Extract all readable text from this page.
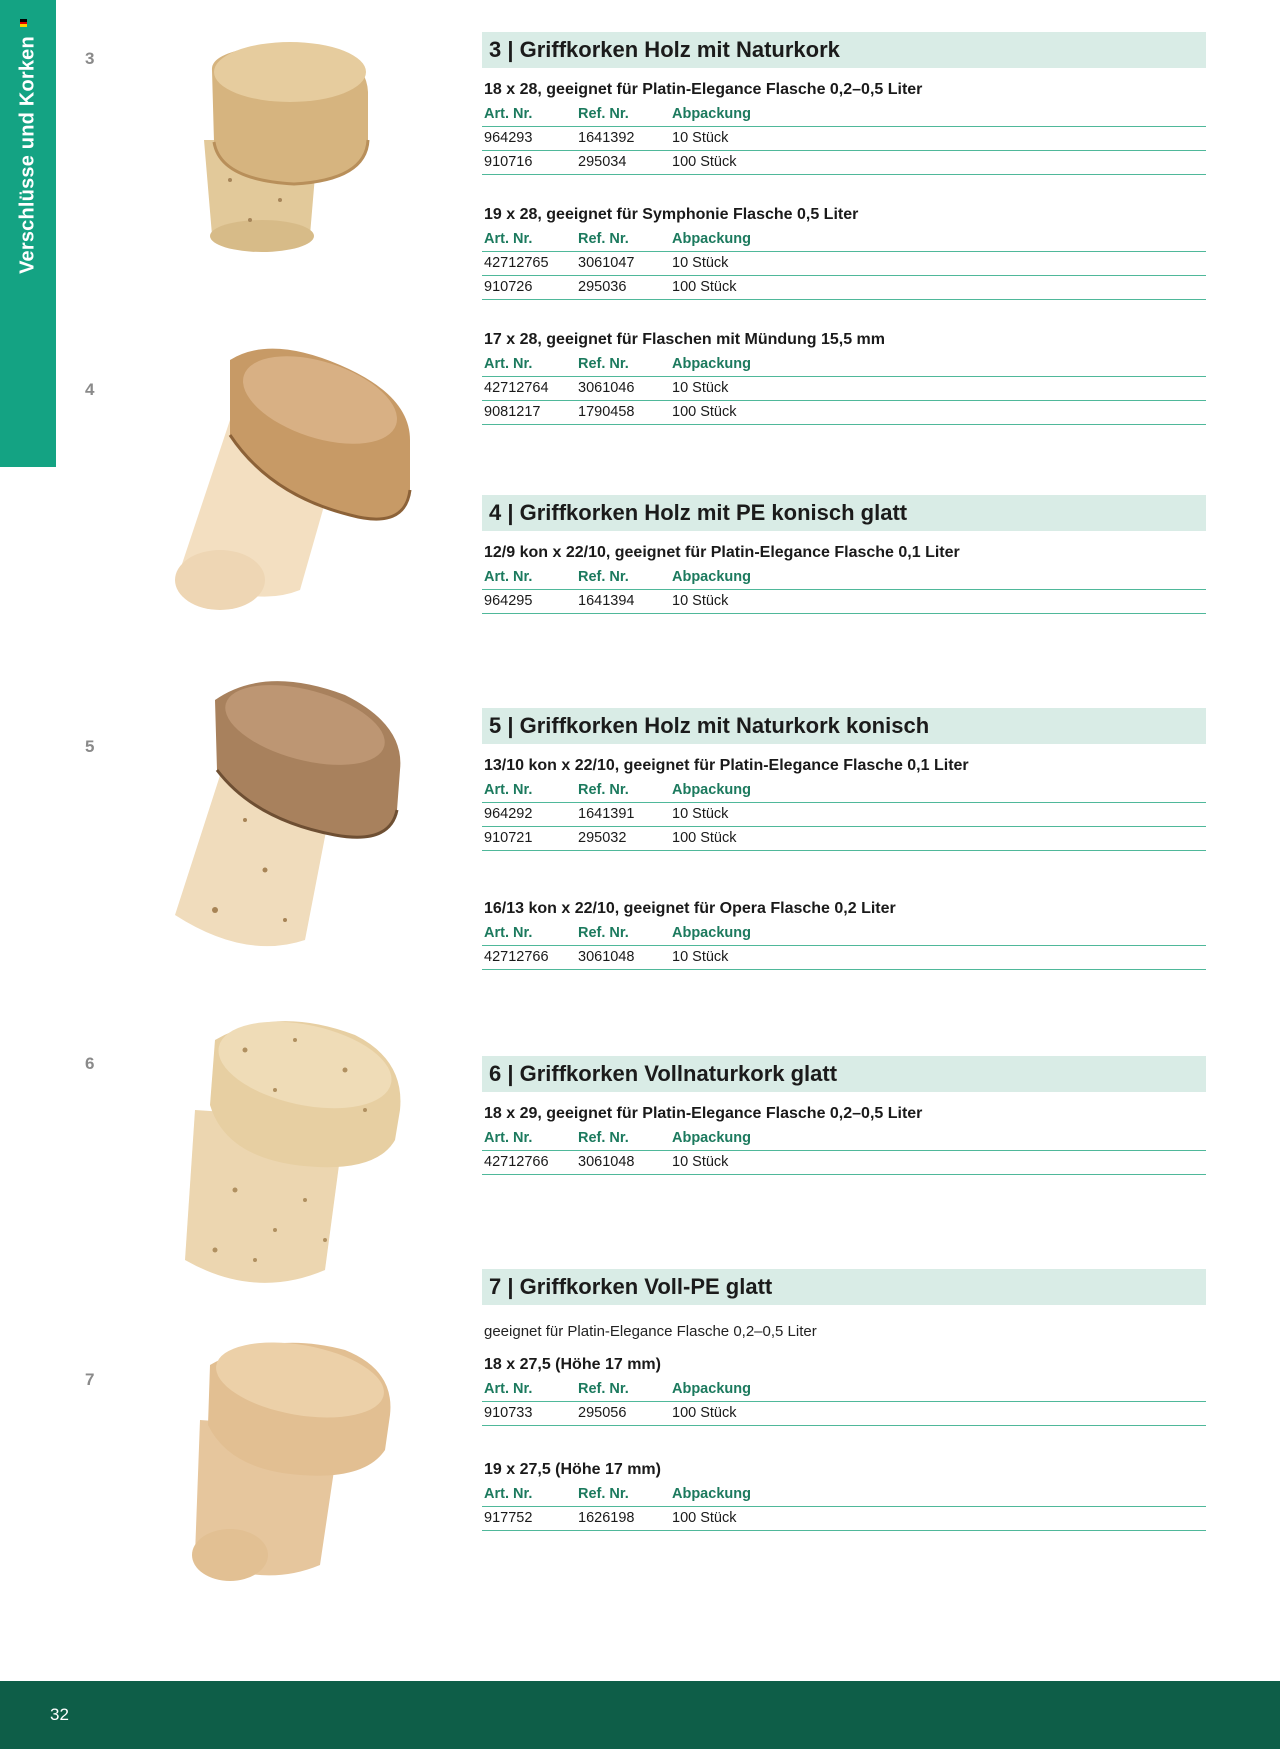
Verschlüsse und Korken	3
4
5
6
7
3 | Griffkorken Holz mit Naturkork
18 x 28, geeignet für Platin-Elegance Flasche 0,2–0,5 Liter
Art. Nr.	Ref. Nr.	Abpackung
964293	1641392	10 Stück
910716	295034	100 Stück
19 x 28, geeignet für Symphonie Flasche 0,5 Liter
Art. Nr.	Ref. Nr.	Abpackung
42712765	3061047	10 Stück
910726	295036	100 Stück
17 x 28, geeignet für Flaschen mit Mündung 15,5 mm
Art. Nr.	Ref. Nr.	Abpackung
42712764	3061046	10 Stück
9081217	1790458	100 Stück
4 | Griffkorken Holz mit PE konisch glatt
12/9 kon x 22/10, geeignet für Platin-Elegance Flasche 0,1 Liter
Art. Nr.	Ref. Nr.	Abpackung
964295	1641394	10 Stück
5 | Griffkorken Holz mit Naturkork konisch
13/10 kon x 22/10, geeignet für Platin-Elegance Flasche 0,1 Liter
Art. Nr.	Ref. Nr.	Abpackung
964292	1641391	10 Stück
910721	295032	100 Stück
16/13 kon x 22/10, geeignet für Opera Flasche 0,2 Liter
Art. Nr.	Ref. Nr.	Abpackung
42712766	3061048	10 Stück
6 | Griffkorken Vollnaturkork glatt
18 x 29, geeignet für Platin-Elegance Flasche 0,2–0,5 Liter
Art. Nr.	Ref. Nr.	Abpackung
42712766	3061048	10 Stück
7 | Griffkorken Voll-PE glatt
geeignet für Platin-Elegance Flasche 0,2–0,5 Liter
18 x 27,5 (Höhe 17 mm)
Art. Nr.	Ref. Nr.	Abpackung
910733	295056	100 Stück
19 x 27,5 (Höhe 17 mm)
Art. Nr.	Ref. Nr.	Abpackung
917752	1626198	100 Stück
32
